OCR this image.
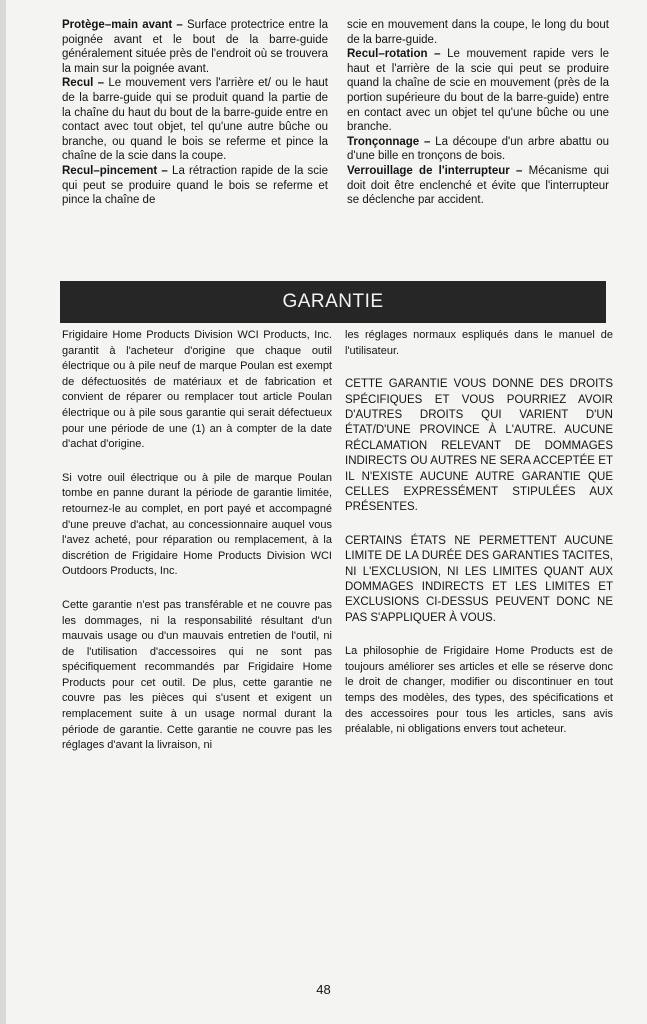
Protège–main avant – Surface protectrice entre la poignée avant et le bout de la barre-guide généralement située près de l'endroit où se trouvera la main sur la poignée avant.

Recul – Le mouvement vers l'arrière et/ ou le haut de la barre-guide qui se produit quand la partie de la chaîne du haut du bout de la barre-guide entre en contact avec tout objet, tel qu'une autre bûche ou branche, ou quand le bois se referme et pince la chaîne de la scie dans la coupe.

Recul–pincement – La rétraction rapide de la scie qui peut se produire quand le bois se referme et pince la chaîne de

scie en mouvement dans la coupe, le long du bout de la barre-guide.

Recul–rotation – Le mouvement rapide vers le haut et l'arrière de la scie qui peut se produire quand la chaîne de scie en mouvement (près de la portion supérieure du bout de la barre-guide) entre en contact avec un objet tel qu'une bûche ou une branche.

Tronçonnage – La découpe d'un arbre abattu ou d'une bille en tronçons de bois.

Verrouillage de l'interrupteur – Mécanisme qui doit doit être enclenché et évite que l'interrupteur se déclenche par accident.

GARANTIE

Frigidaire Home Products Division WCI Products, Inc. garantit à l'acheteur d'origine que chaque outil électrique ou à pile neuf de marque Poulan est exempt de défectuosités de matériaux et de fabrication et convient de réparer ou remplacer tout article Poulan électrique ou à pile sous garantie qui serait défectueux pour une période de une (1) an à compter de la date d'achat d'origine.

Si votre ouil électrique ou à pile de marque Poulan tombe en panne durant la période de garantie limitée, retournez-le au complet, en port payé et accompagné d'une preuve d'achat, au concessionnaire auquel vous l'avez acheté, pour réparation ou remplacement, à la discrétion de Frigidaire Home Products Division WCI Outdoors Products, Inc.

Cette garantie n'est pas transférable et ne couvre pas les dommages, ni la responsabilité résultant d'un mauvais usage ou d'un mauvais entretien de l'outil, ni de l'utilisation d'accessoires qui ne sont pas spécifiquement recommandés par Frigidaire Home Products pour cet outil. De plus, cette garantie ne couvre pas les pièces qui s'usent et exigent un remplacement suite à un usage normal durant la période de garantie. Cette garantie ne couvre pas les réglages d'avant la livraison, ni

les réglages normaux espliqués dans le manuel de l'utilisateur.

CETTE GARANTIE VOUS DONNE DES DROITS SPÉCIFIQUES ET VOUS POURRIEZ AVOIR D'AUTRES DROITS QUI VARIENT D'UN ÉTAT/D'UNE PROVINCE À L'AUTRE. AUCUNE RÉCLAMATION RELEVANT DE DOMMAGES INDIRECTS OU AUTRES NE SERA ACCEPTÉE ET IL N'EXISTE AUCUNE AUTRE GARANTIE QUE CELLES EXPRESSÉMENT STIPULÉES AUX PRÉSENTES.

CERTAINS ÉTATS NE PERMETTENT AUCUNE LIMITE DE LA DURÉE DES GARANTIES TACITES, NI L'EXCLUSION, NI LES LIMITES QUANT AUX DOMMAGES INDIRECTS ET LES LIMITES ET EXCLUSIONS CI-DESSUS PEUVENT DONC NE PAS S'APPLIQUER À VOUS.

La philosophie de Frigidaire Home Products est de toujours améliorer ses articles et elle se réserve donc le droit de changer, modifier ou discontinuer en tout temps des modèles, des types, des spécifications et des accessoires pour tous les articles, sans avis préalable, ni obligations envers tout acheteur.

48
